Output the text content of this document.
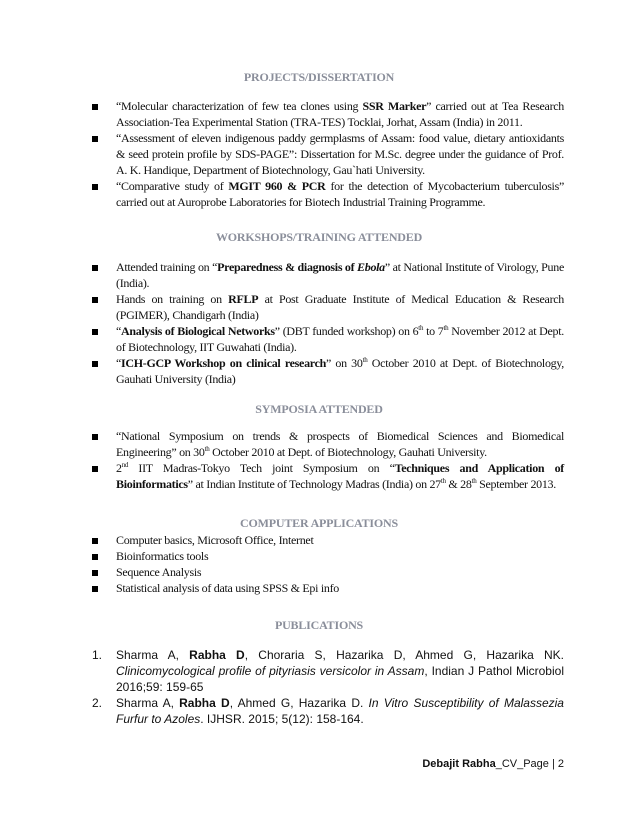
PROJECTS/DISSERTATION
“Molecular characterization of few tea clones using SSR Marker” carried out at Tea Research Association-Tea Experimental Station (TRA-TES) Tocklai, Jorhat, Assam (India) in 2011.
“Assessment of eleven indigenous paddy germplasms of Assam: food value, dietary antioxidants & seed protein profile by SDS-PAGE”: Dissertation for M.Sc. degree under the guidance of Prof. A. K. Handique, Department of Biotechnology, Gau`hati University.
“Comparative study of MGIT 960 & PCR for the detection of Mycobacterium tuberculosis” carried out at Auroprobe Laboratories for Biotech Industrial Training Programme.
WORKSHOPS/TRAINING ATTENDED
Attended training on “Preparedness & diagnosis of Ebola” at National Institute of Virology, Pune (India).
Hands on training on RFLP at Post Graduate Institute of Medical Education & Research (PGIMER), Chandigarh (India)
“Analysis of Biological Networks” (DBT funded workshop) on 6th to 7th November 2012 at Dept. of Biotechnology, IIT Guwahati (India).
“ICH-GCP Workshop on clinical research” on 30th October 2010 at Dept. of Biotechnology, Gauhati University (India)
SYMPOSIA ATTENDED
“National Symposium on trends & prospects of Biomedical Sciences and Biomedical Engineering” on 30th October 2010 at Dept. of Biotechnology, Gauhati University.
2nd IIT Madras-Tokyo Tech joint Symposium on “Techniques and Application of Bioinformatics” at Indian Institute of Technology Madras (India) on 27th & 28th September 2013.
COMPUTER APPLICATIONS
Computer basics, Microsoft Office, Internet
Bioinformatics tools
Sequence Analysis
Statistical analysis of data using SPSS & Epi info
PUBLICATIONS
1. Sharma A, Rabha D, Choraria S, Hazarika D, Ahmed G, Hazarika NK. Clinicomycological profile of pityriasis versicolor in Assam, Indian J Pathol Microbiol 2016;59: 159-65
2. Sharma A, Rabha D, Ahmed G, Hazarika D. In Vitro Susceptibility of Malassezia Furfur to Azoles. IJHSR. 2015; 5(12): 158-164.
Debajit Rabha_CV_Page | 2
